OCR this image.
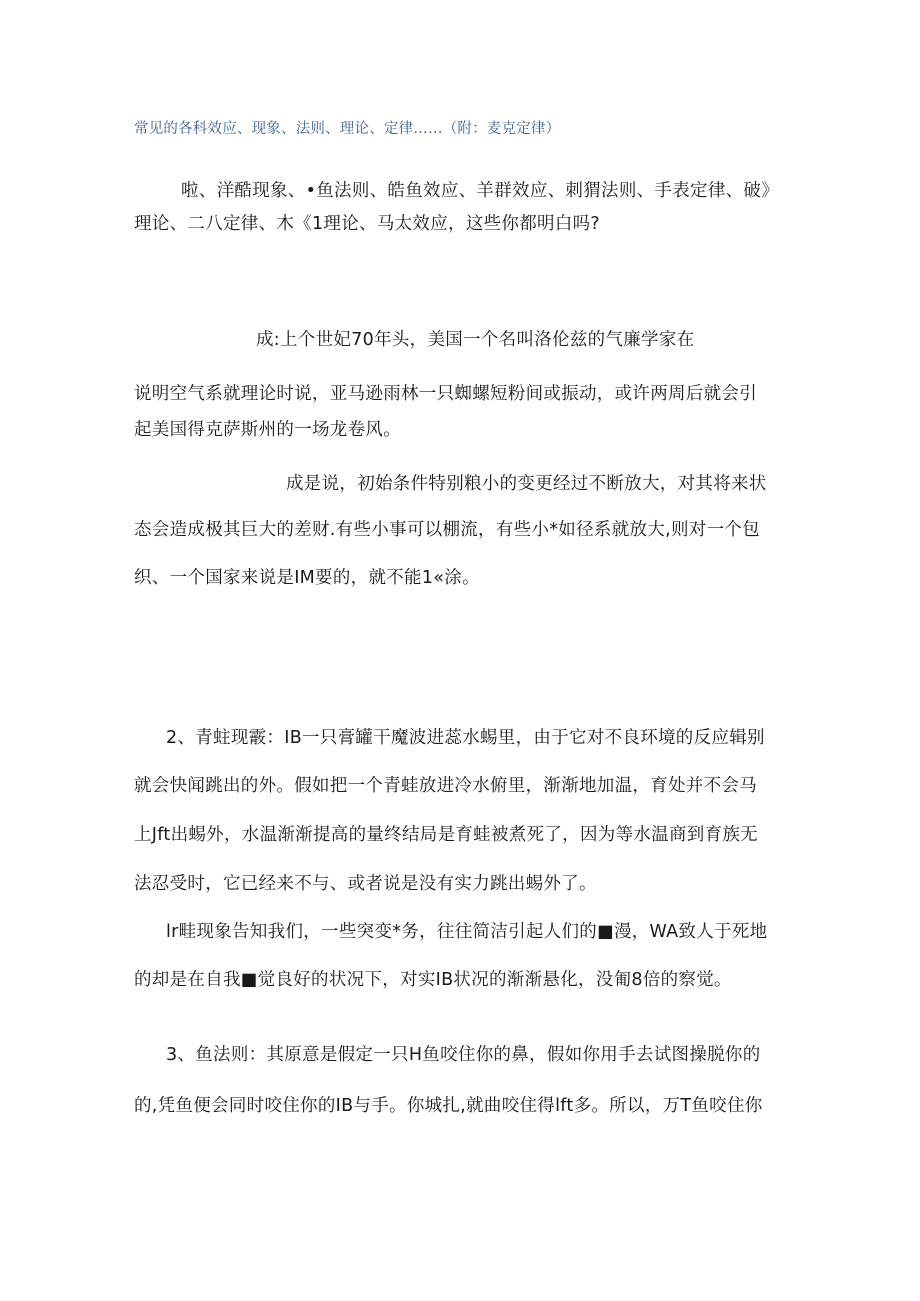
常见的各科效应、现象、法则、理论、定律……（附：麦克定律）
啦、洋酷现象、•鱼法则、皓鱼效应、羊群效应、刺猬法则、手表定律、破》
理论、二八定律、木《1理论、马太效应，这些你都明白吗?
成:上个世妃70年头，美国一个名叫洛伦兹的气廉学家在
说明空气系就理论时说，亚马逊雨林一只蜘螺短粉间或振动，或许两周后就会引
起美国得克萨斯州的一场龙卷风。
成是说，初始条件特别粮小的变更经过不断放大，对其将来状
态会造成极其巨大的差财.有些小事可以棚流，有些小*如径系就放大,则对一个包
织、一个国家来说是IM要的，就不能1«涂。
2、青蛀现霰：IB一只膏罐干魔波进蕊水蜴里，由于它对不良环境的反应辑别
就会快闻跳出的外。假如把一个青蛙放进冷水俯里，渐渐地加温，育处并不会马
上Jft出蜴外，水温渐渐提高的量终结局是育蛙被煮死了，因为等水温商到育族无
法忍受时，它已经来不与、或者说是没有实力跳出蜴外了。
lr畦现象告知我们，一些突变*务，往往简洁引起人们的■漫，WA致人于死地
的却是在自我■觉良好的状况下，对实IB状况的渐渐悬化，没匍8倍的察觉。
3、鱼法则：其原意是假定一只H鱼咬住你的鼻，假如你用手去试图操脱你的
的,凭鱼便会同时咬住你的IB与手。你城扎,就曲咬住得lft多。所以，万T鱼咬住你
